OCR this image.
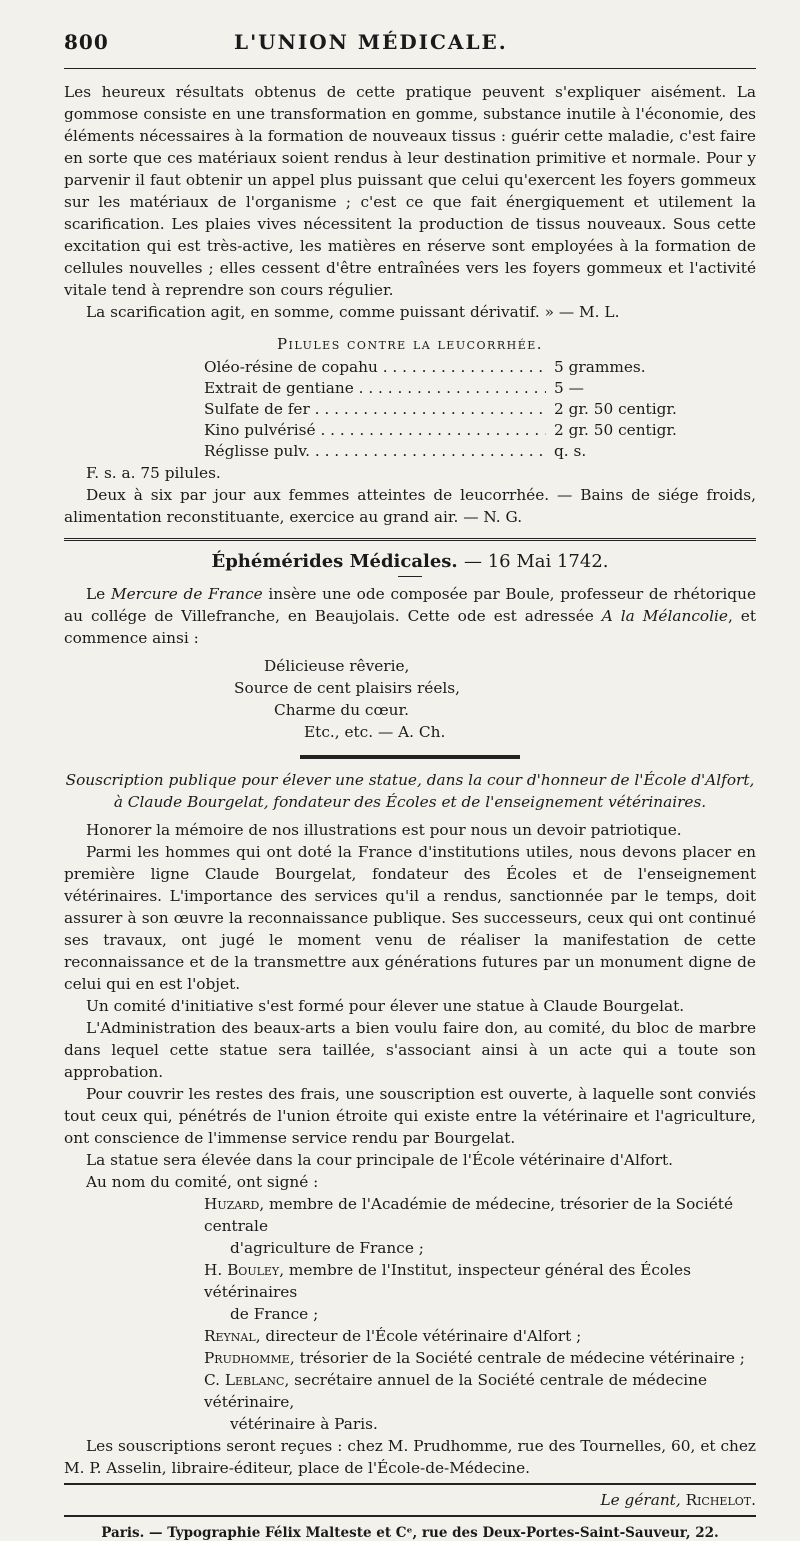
800	L'UNION MÉDICALE.

Les heureux résultats obtenus de cette pratique peuvent s'expliquer aisément. La gommose consiste en une transformation en gomme, substance inutile à l'économie, des éléments nécessaires à la formation de nouveaux tissus : guérir cette maladie, c'est faire en sorte que ces matériaux soient rendus à leur destination primitive et normale. Pour y parvenir il faut obtenir un appel plus puissant que celui qu'exercent les foyers gommeux sur les matériaux de l'organisme ; c'est ce que fait énergiquement et utilement la scarification. Les plaies vives nécessitent la production de tissus nouveaux. Sous cette excitation qui est très-active, les matières en réserve sont employées à la formation de cellules nouvelles ; elles cessent d'être entraînées vers les foyers gommeux et l'activité vitale tend à reprendre son cours régulier.

La scarification agit, en somme, comme puissant dérivatif. » — M. L.

Pilules contre la leucorrhée.
Oléo-résine de copahu . . .	5 grammes.
Extrait de gentiane . . .	5 —
Sulfate de fer . . .	2 gr. 50 centigr.
Kino pulvérisé . . .	2 gr. 50 centigr.
Réglisse pulv. . . .	q. s.

F. s. a. 75 pilules.

Deux à six par jour aux femmes atteintes de leucorrhée. — Bains de siége froids, alimentation reconstituante, exercice au grand air. — N. G.

Éphémérides Médicales. — 16 Mai 1742.

Le Mercure de France insère une ode composée par Boule, professeur de rhétorique au collége de Villefranche, en Beaujolais. Cette ode est adressée A la Mélancolie, et commence ainsi :

Délicieuse rêverie,
Source de cent plaisirs réels,
Charme du cœur.
Etc., etc. — A. Ch.
Souscription publique pour élever une statue, dans la cour d'honneur de l'École d'Alfort, à Claude Bourgelat, fondateur des Écoles et de l'enseignement vétérinaires.

Honorer la mémoire de nos illustrations est pour nous un devoir patriotique.

Parmi les hommes qui ont doté la France d'institutions utiles, nous devons placer en première ligne Claude Bourgelat, fondateur des Écoles et de l'enseignement vétérinaires. L'importance des services qu'il a rendus, sanctionnée par le temps, doit assurer à son œuvre la reconnaissance publique. Ses successeurs, ceux qui ont continué ses travaux, ont jugé le moment venu de réaliser la manifestation de cette reconnaissance et de la transmettre aux générations futures par un monument digne de celui qui en est l'objet.

Un comité d'initiative s'est formé pour élever une statue à Claude Bourgelat.

L'Administration des beaux-arts a bien voulu faire don, au comité, du bloc de marbre dans lequel cette statue sera taillée, s'associant ainsi à un acte qui a toute son approbation.

Pour couvrir les restes des frais, une souscription est ouverte, à laquelle sont conviés tout ceux qui, pénétrés de l'union étroite qui existe entre la vétérinaire et l'agriculture, ont conscience de l'immense service rendu par Bourgelat.

La statue sera élevée dans la cour principale de l'École vétérinaire d'Alfort.

Au nom du comité, ont signé :

Huzard, membre de l'Académie de médecine, trésorier de la Société centrale
d'agriculture de France ;
H. Bouley, membre de l'Institut, inspecteur général des Écoles vétérinaires
de France ;
Reynal, directeur de l'École vétérinaire d'Alfort ;
Prudhomme, trésorier de la Société centrale de médecine vétérinaire ;
C. Leblanc, secrétaire annuel de la Société centrale de médecine vétérinaire,
vétérinaire à Paris.

Les souscriptions seront reçues : chez M. Prudhomme, rue des Tournelles, 60, et chez M. P. Asselin, libraire-éditeur, place de l'École-de-Médecine.

Le gérant, Richelot.
Paris. — Typographie Félix Malteste et Cᵉ, rue des Deux-Portes-Saint-Sauveur, 22.
